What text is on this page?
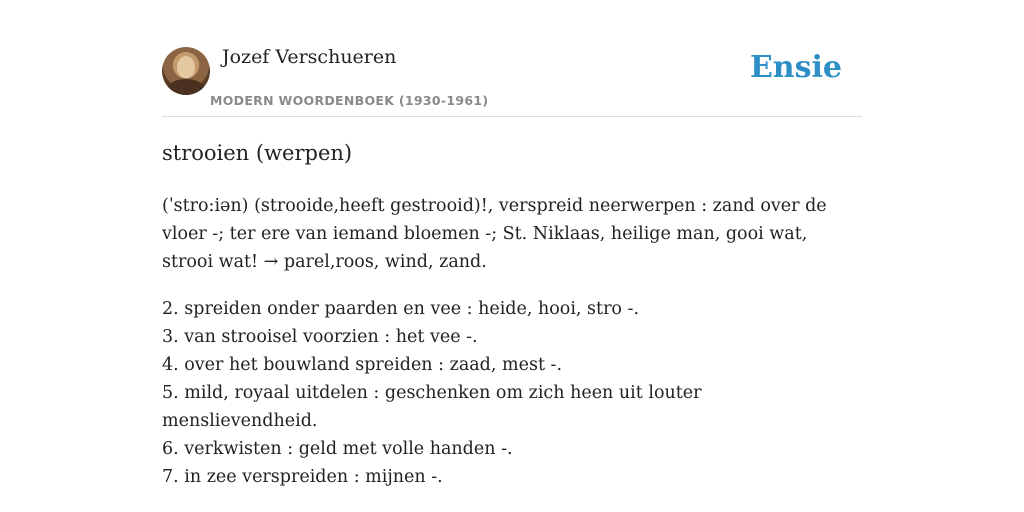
Jozef Verschueren
MODERN WOORDENBOEK (1930-1961)
Ensie
strooien (werpen)

(ˈstro:iən) (strooide,heeft gestrooid)!, verspreid neerwerpen : zand over de vloer -; ter ere van iemand bloemen -; St. Niklaas, heilige man, gooi wat, strooi wat! → parel,roos, wind, zand.

2. spreiden onder paarden en vee : heide, hooi, stro -.

3. van strooisel voorzien : het vee -.

4. over het bouwland spreiden : zaad, mest -.

5. mild, royaal uitdelen : geschenken om zich heen uit louter menslievendheid.

6. verkwisten : geld met volle handen -.

7. in zee verspreiden : mijnen -.
